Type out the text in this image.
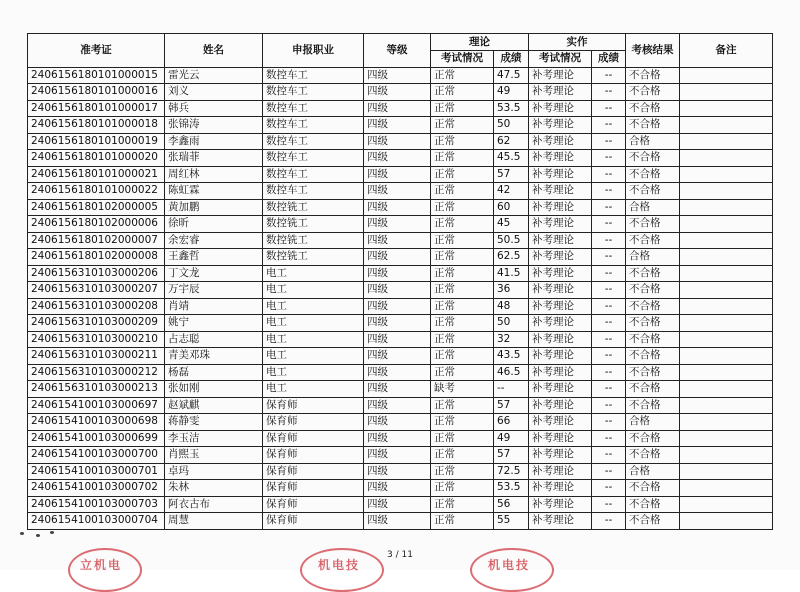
准考证	姓名	申报职业	等级	理论		实作		考核结果	备注
				考试情况	成绩	考试情况	成绩		
2406156180101000015	雷光云	数控车工	四级	正常	47.5	补考理论	--	不合格	
2406156180101000016	刘义	数控车工	四级	正常	49	补考理论	--	不合格	
2406156180101000017	韩兵	数控车工	四级	正常	53.5	补考理论	--	不合格	
2406156180101000018	张锦涛	数控车工	四级	正常	50	补考理论	--	不合格	
2406156180101000019	李鑫雨	数控车工	四级	正常	62	补考理论	--	合格	
2406156180101000020	张瑞菲	数控车工	四级	正常	45.5	补考理论	--	不合格	
2406156180101000021	周红林	数控车工	四级	正常	57	补考理论	--	不合格	
2406156180101000022	陈虹霖	数控车工	四级	正常	42	补考理论	--	不合格	
2406156180102000005	黄加鹏	数控铣工	四级	正常	60	补考理论	--	合格	
2406156180102000006	徐昕	数控铣工	四级	正常	45	补考理论	--	不合格	
2406156180102000007	余宏睿	数控铣工	四级	正常	50.5	补考理论	--	不合格	
2406156180102000008	王鑫哲	数控铣工	四级	正常	62.5	补考理论	--	合格	
2406156310103000206	丁文龙	电工	四级	正常	41.5	补考理论	--	不合格	
2406156310103000207	万宇辰	电工	四级	正常	36	补考理论	--	不合格	
2406156310103000208	肖靖	电工	四级	正常	48	补考理论	--	不合格	
2406156310103000209	姚宁	电工	四级	正常	50	补考理论	--	不合格	
2406156310103000210	占志聪	电工	四级	正常	32	补考理论	--	不合格	
2406156310103000211	青美邓珠	电工	四级	正常	43.5	补考理论	--	不合格	
2406156310103000212	杨磊	电工	四级	正常	46.5	补考理论	--	不合格	
2406156310103000213	张如刚	电工	四级	缺考	--	补考理论	--	不合格	
2406154100103000697	赵斌麒	保育师	四级	正常	57	补考理论	--	不合格	
2406154100103000698	蒋静雯	保育师	四级	正常	66	补考理论	--	合格	
2406154100103000699	李玉洁	保育师	四级	正常	49	补考理论	--	不合格	
2406154100103000700	肖熙玉	保育师	四级	正常	57	补考理论	--	不合格	
2406154100103000701	卓玛	保育师	四级	正常	72.5	补考理论	--	合格	
2406154100103000702	朱林	保育师	四级	正常	53.5	补考理论	--	不合格	
2406154100103000703	阿衣古布	保育师	四级	正常	56	补考理论	--	不合格	
2406154100103000704	周慧	保育师	四级	正常	55	补考理论	--	不合格	
立机电	机电技	机电技
3 / 11
